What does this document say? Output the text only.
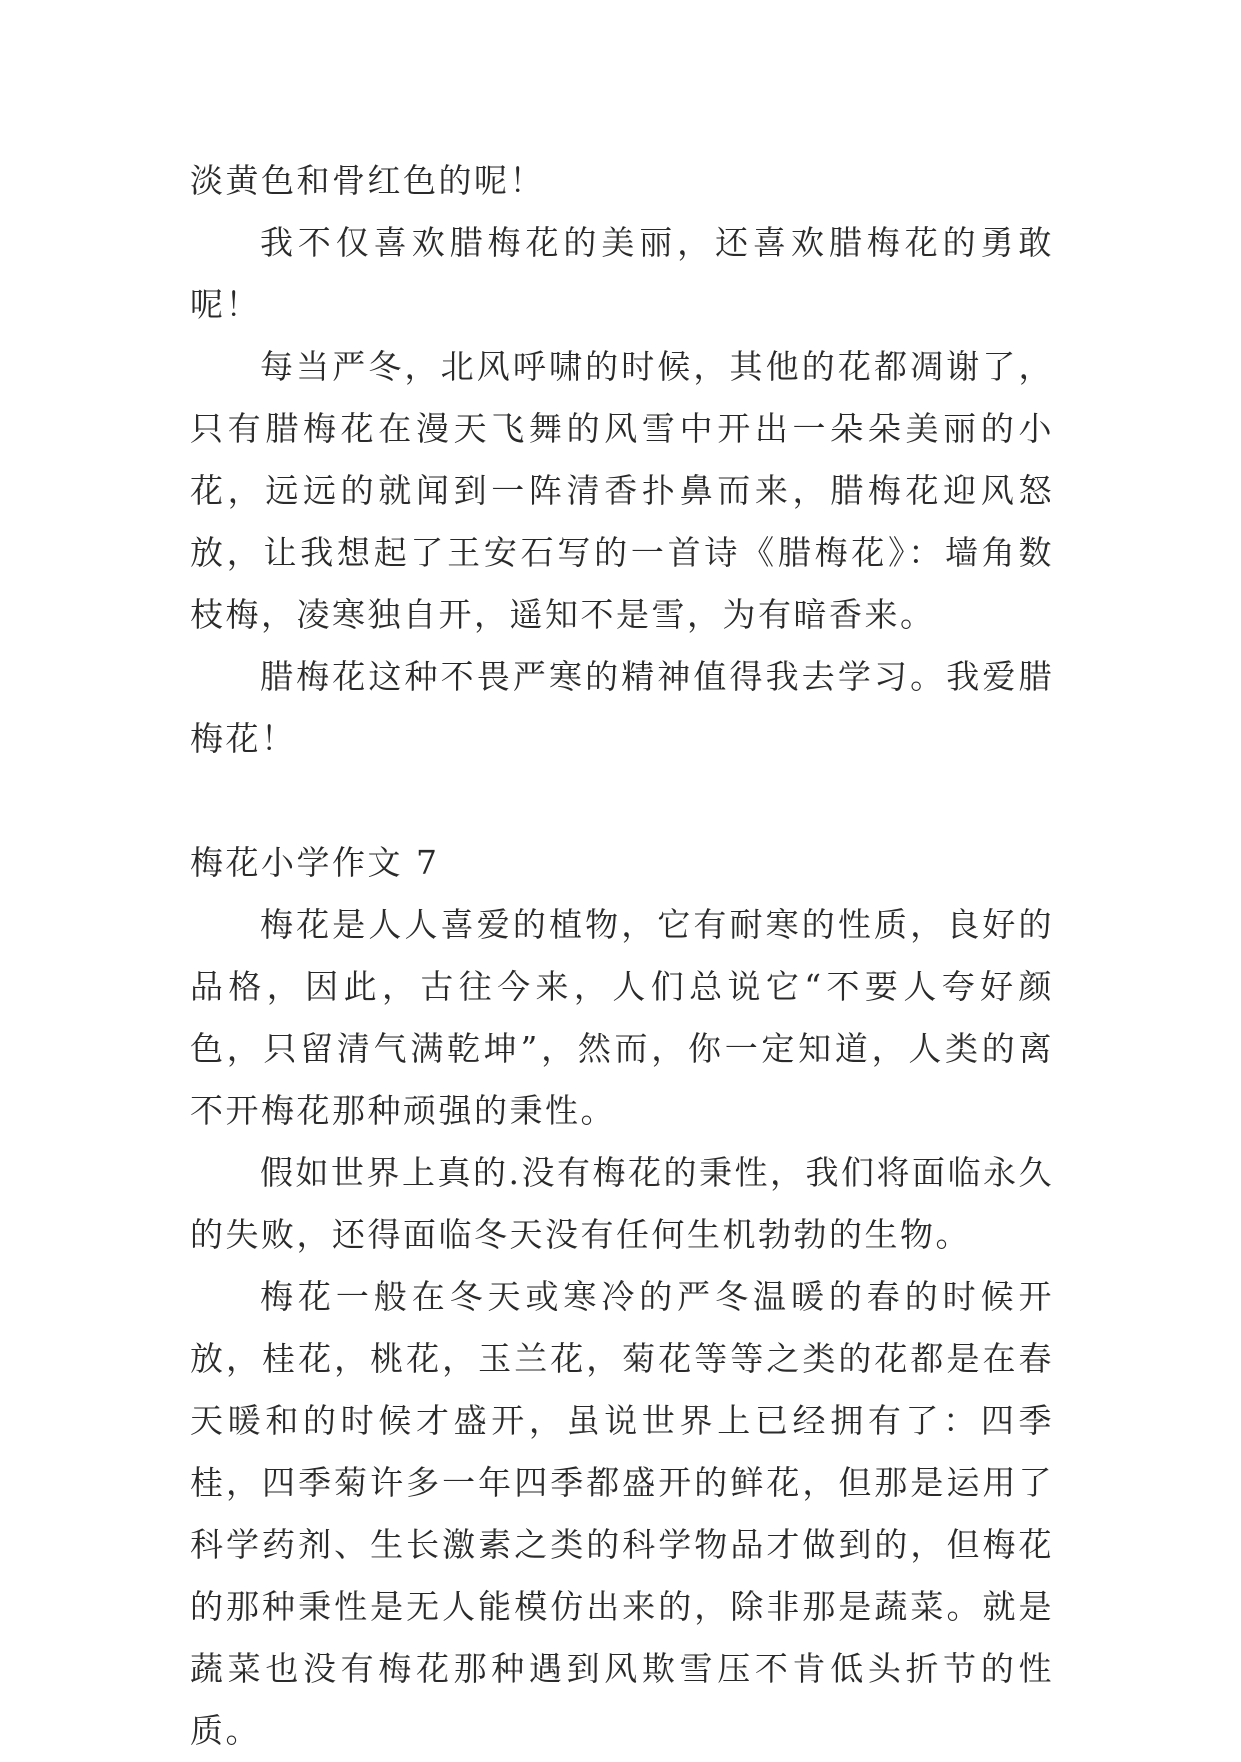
淡黄色和骨红色的呢！

我不仅喜欢腊梅花的美丽，还喜欢腊梅花的勇敢呢！

每当严冬，北风呼啸的时候，其他的花都凋谢了，只有腊梅花在漫天飞舞的风雪中开出一朵朵美丽的小花，远远的就闻到一阵清香扑鼻而来，腊梅花迎风怒放，让我想起了王安石写的一首诗《腊梅花》：墙角数枝梅，凌寒独自开，遥知不是雪，为有暗香来。

腊梅花这种不畏严寒的精神值得我去学习。我爱腊梅花！

梅花小学作文 7

梅花是人人喜爱的植物，它有耐寒的性质，良好的品格，因此，古往今来，人们总说它“不要人夸好颜色，只留清气满乾坤”，然而，你一定知道，人类的离不开梅花那种顽强的秉性。

假如世界上真的.没有梅花的秉性，我们将面临永久的失败，还得面临冬天没有任何生机勃勃的生物。

梅花一般在冬天或寒冷的严冬温暖的春的时候开放，桂花，桃花，玉兰花，菊花等等之类的花都是在春天暖和的时候才盛开，虽说世界上已经拥有了：四季桂，四季菊许多一年四季都盛开的鲜花，但那是运用了科学药剂、生长激素之类的科学物品才做到的，但梅花的那种秉性是无人能模仿出来的，除非那是蔬菜。就是蔬菜也没有梅花那种遇到风欺雪压不肯低头折节的性质。
